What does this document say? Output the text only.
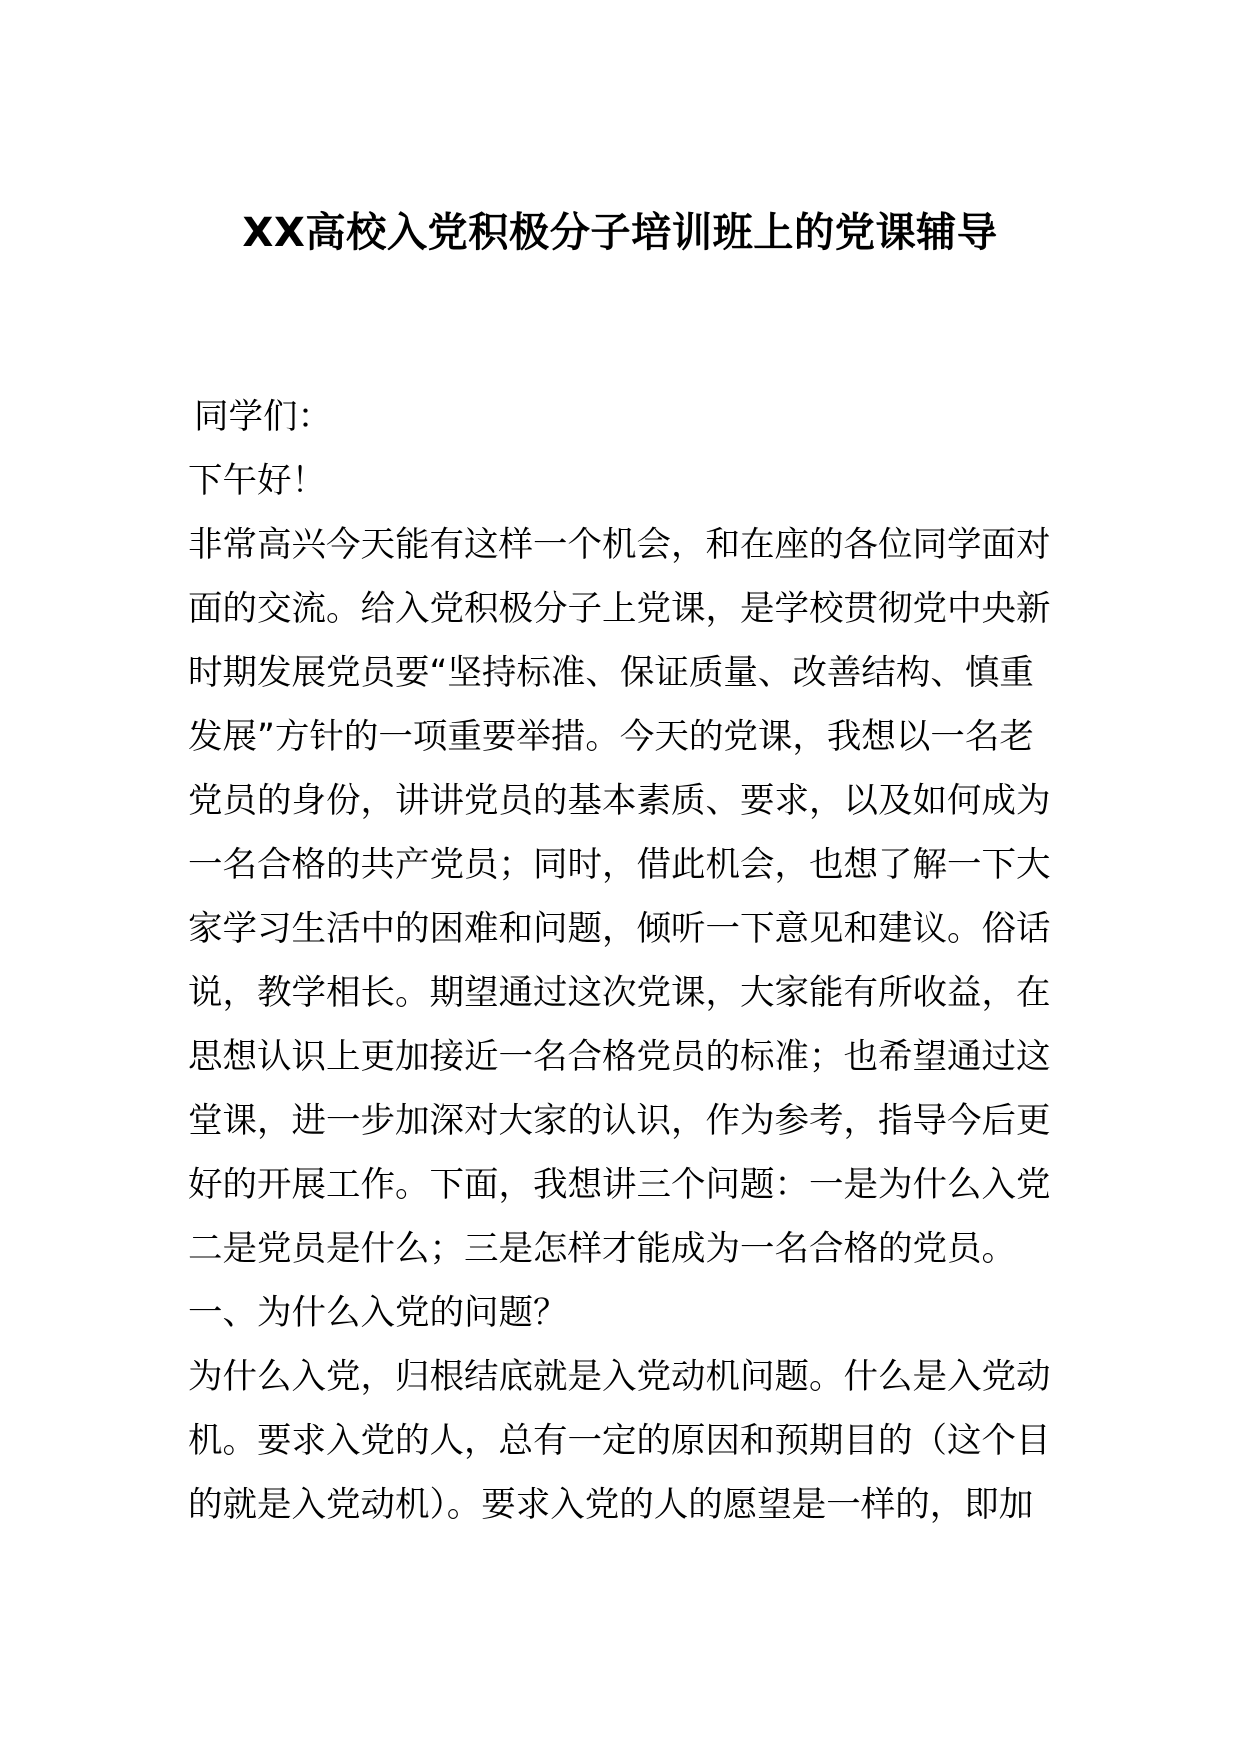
XX高校入党积极分子培训班上的党课辅导
同学们：
下午好！
非常高兴今天能有这样一个机会，和在座的各位同学面对
面的交流。给入党积极分子上党课，是学校贯彻党中央新
时期发展党员要“坚持标准、保证质量、改善结构、慎重
发展”方针的一项重要举措。今天的党课，我想以一名老
党员的身份，讲讲党员的基本素质、要求，以及如何成为
一名合格的共产党员；同时，借此机会，也想了解一下大
家学习生活中的困难和问题，倾听一下意见和建议。俗话
说，教学相长。期望通过这次党课，大家能有所收益，在
思想认识上更加接近一名合格党员的标准；也希望通过这
堂课，进一步加深对大家的认识，作为参考，指导今后更
好的开展工作。下面，我想讲三个问题：一是为什么入党
二是党员是什么；三是怎样才能成为一名合格的党员。
一、为什么入党的问题？
为什么入党，归根结底就是入党动机问题。什么是入党动
机。要求入党的人，总有一定的原因和预期目的（这个目
的就是入党动机）。要求入党的人的愿望是一样的，即加
